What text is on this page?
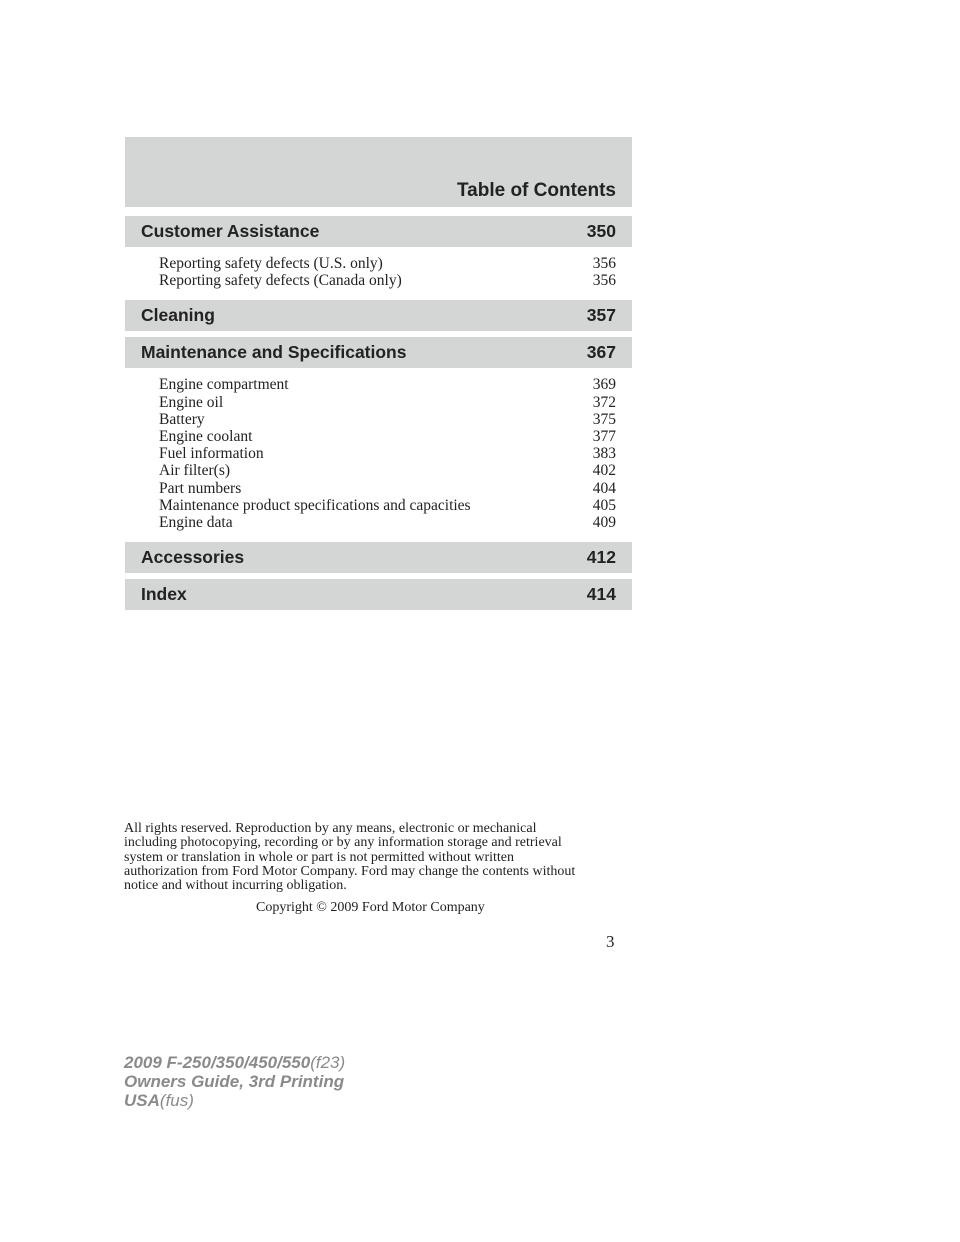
Table of Contents
Customer Assistance	350
Reporting safety defects (U.S. only)	356
Reporting safety defects (Canada only)	356
Cleaning	357
Maintenance and Specifications	367
Engine compartment	369
Engine oil	372
Battery	375
Engine coolant	377
Fuel information	383
Air filter(s)	402
Part numbers	404
Maintenance product specifications and capacities	405
Engine data	409
Accessories	412
Index	414
All rights reserved. Reproduction by any means, electronic or mechanical
including photocopying, recording or by any information storage and retrieval
system or translation in whole or part is not permitted without written
authorization from Ford Motor Company. Ford may change the contents without
notice and without incurring obligation.
Copyright © 2009 Ford Motor Company
3
2009 F-250/350/450/550(f23)
Owners Guide, 3rd Printing
USA(fus)
